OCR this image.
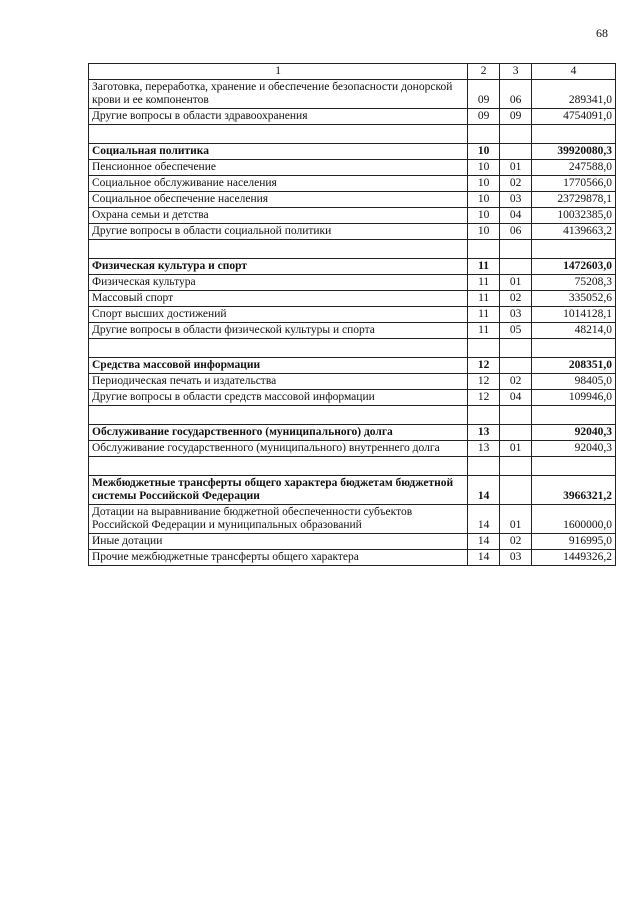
68
1	2	3	4
Заготовка, переработка, хранение и обеспечение безопасности донорской крови и ее компонентов	09	06	289341,0
Другие вопросы в области здравоохранения	09	09	4754091,0

Социальная политика	10		39920080,3
Пенсионное обеспечение	10	01	247588,0
Социальное обслуживание населения	10	02	1770566,0
Социальное обеспечение населения	10	03	23729878,1
Охрана семьи и детства	10	04	10032385,0
Другие вопросы в области социальной политики	10	06	4139663,2

Физическая культура и спорт	11		1472603,0
Физическая культура	11	01	75208,3
Массовый спорт	11	02	335052,6
Спорт высших достижений	11	03	1014128,1
Другие вопросы в области физической культуры и спорта	11	05	48214,0

Средства массовой информации	12		208351,0
Периодическая печать и издательства	12	02	98405,0
Другие вопросы в области средств массовой информации	12	04	109946,0

Обслуживание государственного (муниципального) долга	13		92040,3
Обслуживание государственного (муниципального) внутреннего долга	13	01	92040,3

Межбюджетные трансферты общего характера бюджетам бюджетной системы Российской Федерации	14		3966321,2
Дотации на выравнивание бюджетной обеспеченности субъектов Российской Федерации и муниципальных образований	14	01	1600000,0
Иные дотации	14	02	916995,0
Прочие межбюджетные трансферты общего характера	14	03	1449326,2
